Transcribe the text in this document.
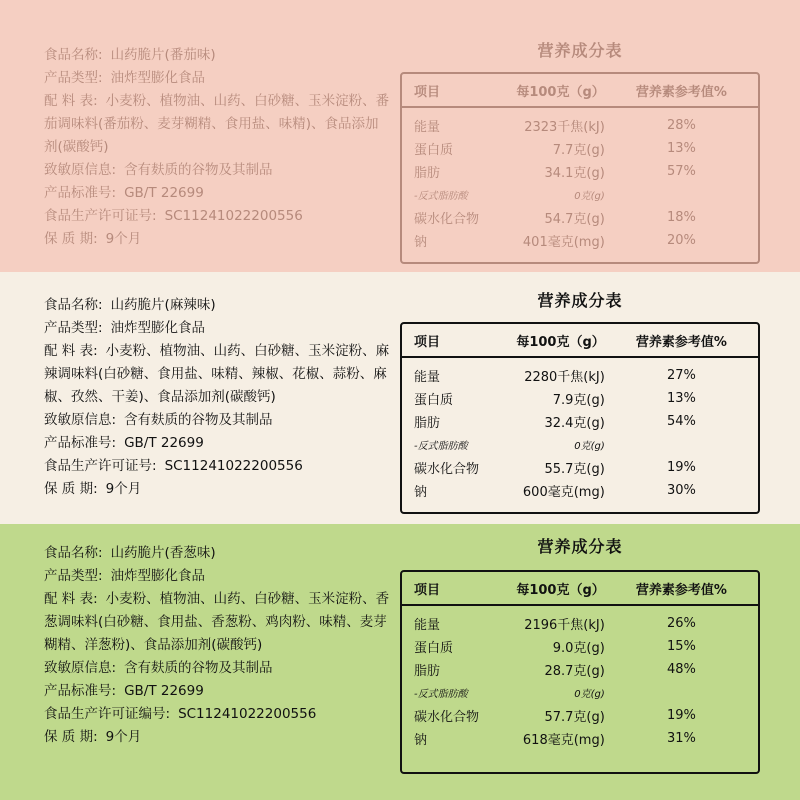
食品名称: 山药脆片(番茄味)
产品类型: 油炸型膨化食品
配 料 表: 小麦粉、植物油、山药、白砂糖、玉米淀粉、番茄调味料(番茄粉、麦芽糊精、食用盐、味精)、食品添加剂(碳酸钙)
致敏原信息: 含有麸质的谷物及其制品
产品标准号: GB/T 22699
食品生产许可证号: SC11241022200556
保 质 期: 9个月
营养成分表
项目	每100克（g）	营养素参考值%
能量	2323千焦(kJ)	28%
蛋白质	7.7克(g)	13%
脂肪	34.1克(g)	57%
-反式脂肪酸	0克(g)
碳水化合物	54.7克(g)	18%
钠	401毫克(mg)	20%
食品名称: 山药脆片(麻辣味)
产品类型: 油炸型膨化食品
配 料 表: 小麦粉、植物油、山药、白砂糖、玉米淀粉、麻辣调味料(白砂糖、食用盐、味精、辣椒、花椒、蒜粉、麻椒、孜然、干姜)、食品添加剂(碳酸钙)
致敏原信息: 含有麸质的谷物及其制品
产品标准号: GB/T 22699
食品生产许可证号: SC11241022200556
保 质 期: 9个月
营养成分表
项目	每100克（g）	营养素参考值%
能量	2280千焦(kJ)	27%
蛋白质	7.9克(g)	13%
脂肪	32.4克(g)	54%
-反式脂肪酸	0克(g)
碳水化合物	55.7克(g)	19%
钠	600毫克(mg)	30%
食品名称: 山药脆片(香葱味)
产品类型: 油炸型膨化食品
配 料 表: 小麦粉、植物油、山药、白砂糖、玉米淀粉、香葱调味料(白砂糖、食用盐、香葱粉、鸡肉粉、味精、麦芽糊精、洋葱粉)、食品添加剂(碳酸钙)
致敏原信息: 含有麸质的谷物及其制品
产品标准号: GB/T 22699
食品生产许可证编号: SC11241022200556
保 质 期: 9个月
营养成分表
项目	每100克（g）	营养素参考值%
能量	2196千焦(kJ)	26%
蛋白质	9.0克(g)	15%
脂肪	28.7克(g)	48%
-反式脂肪酸	0克(g)
碳水化合物	57.7克(g)	19%
钠	618毫克(mg)	31%
